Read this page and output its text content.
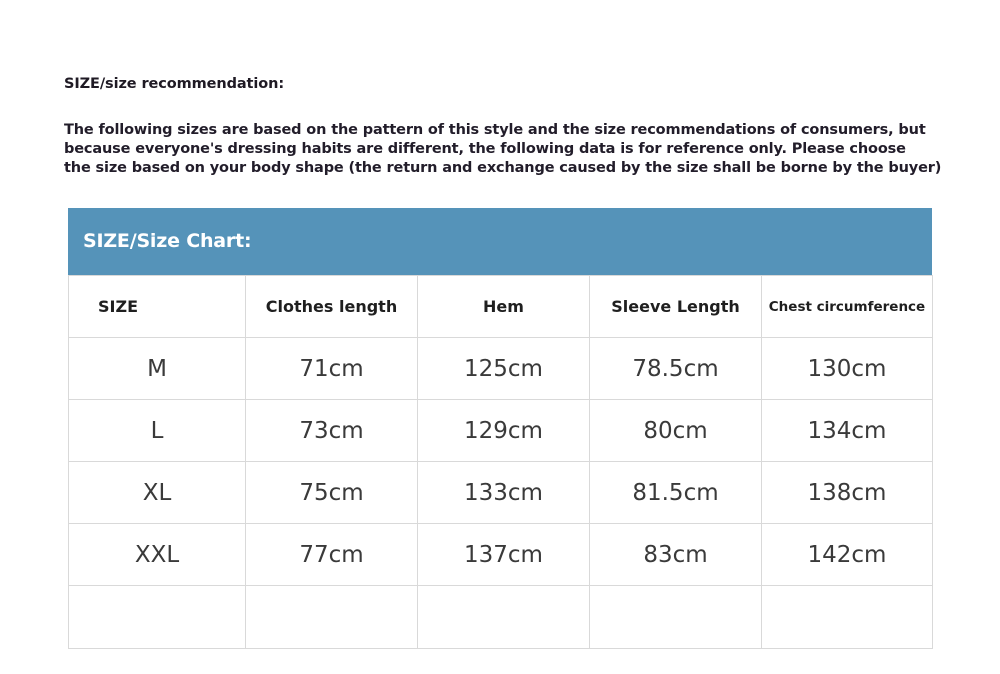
SIZE/size recommendation:
The following sizes are based on the pattern of this style and the size recommendations of consumers, but
because everyone's dressing habits are different, the following data is for reference only. Please choose
the size based on your body shape (the return and exchange caused by the size shall be borne by the buyer)
SIZE/Size Chart:
SIZE	Clothes length	Hem	Sleeve Length	Chest circumference
M	71cm	125cm	78.5cm	130cm
L	73cm	129cm	80cm	134cm
XL	75cm	133cm	81.5cm	138cm
XXL	77cm	137cm	83cm	142cm
